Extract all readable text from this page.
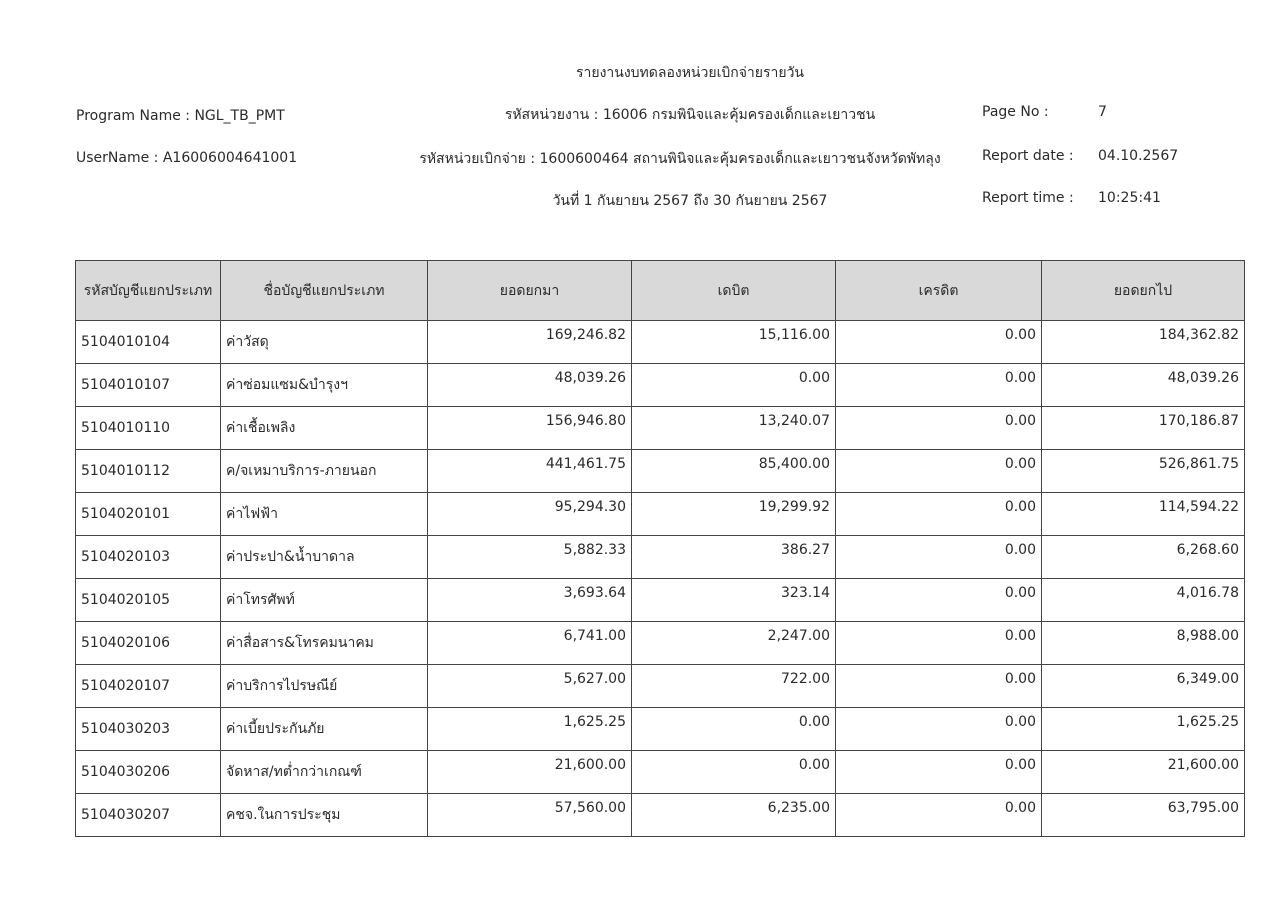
รายงานงบทดลองหน่วยเบิกจ่ายรายวัน
Program Name : NGL_TB_PMT	รหัสหน่วยงาน : 16006 กรมพินิจและคุ้มครองเด็กและเยาวชน
UserName : A16006004641001	รหัสหน่วยเบิกจ่าย : 1600600464 สถานพินิจและคุ้มครองเด็กและเยาวชนจังหวัดพัทลุง
วันที่ 1 กันยายน 2567 ถึง 30 กันยายน 2567
Page No :	7
Report date : 04.10.2567
Report time : 10:25:41
รหัสบัญชีแยกประเภท	ชื่อบัญชีแยกประเภท	ยอดยกมา	เดบิต	เครดิต	ยอดยกไป
5104010104	ค่าวัสดุ	169,246.82	15,116.00	0.00	184,362.82
5104010107	ค่าซ่อมแซม&บำรุงฯ	48,039.26	0.00	0.00	48,039.26
5104010110	ค่าเชื้อเพลิง	156,946.80	13,240.07	0.00	170,186.87
5104010112	ค/จเหมาบริการ-ภายนอก	441,461.75	85,400.00	0.00	526,861.75
5104020101	ค่าไฟฟ้า	95,294.30	19,299.92	0.00	114,594.22
5104020103	ค่าประปา&น้ำบาดาล	5,882.33	386.27	0.00	6,268.60
5104020105	ค่าโทรศัพท์	3,693.64	323.14	0.00	4,016.78
5104020106	ค่าสื่อสาร&โทรคมนาคม	6,741.00	2,247.00	0.00	8,988.00
5104020107	ค่าบริการไปรษณีย์	5,627.00	722.00	0.00	6,349.00
5104030203	ค่าเบี้ยประกันภัย	1,625.25	0.00	0.00	1,625.25
5104030206	จัดหาส/ทต่ำกว่าเกณฑ์	21,600.00	0.00	0.00	21,600.00
5104030207	คชจ.ในการประชุม	57,560.00	6,235.00	0.00	63,795.00
